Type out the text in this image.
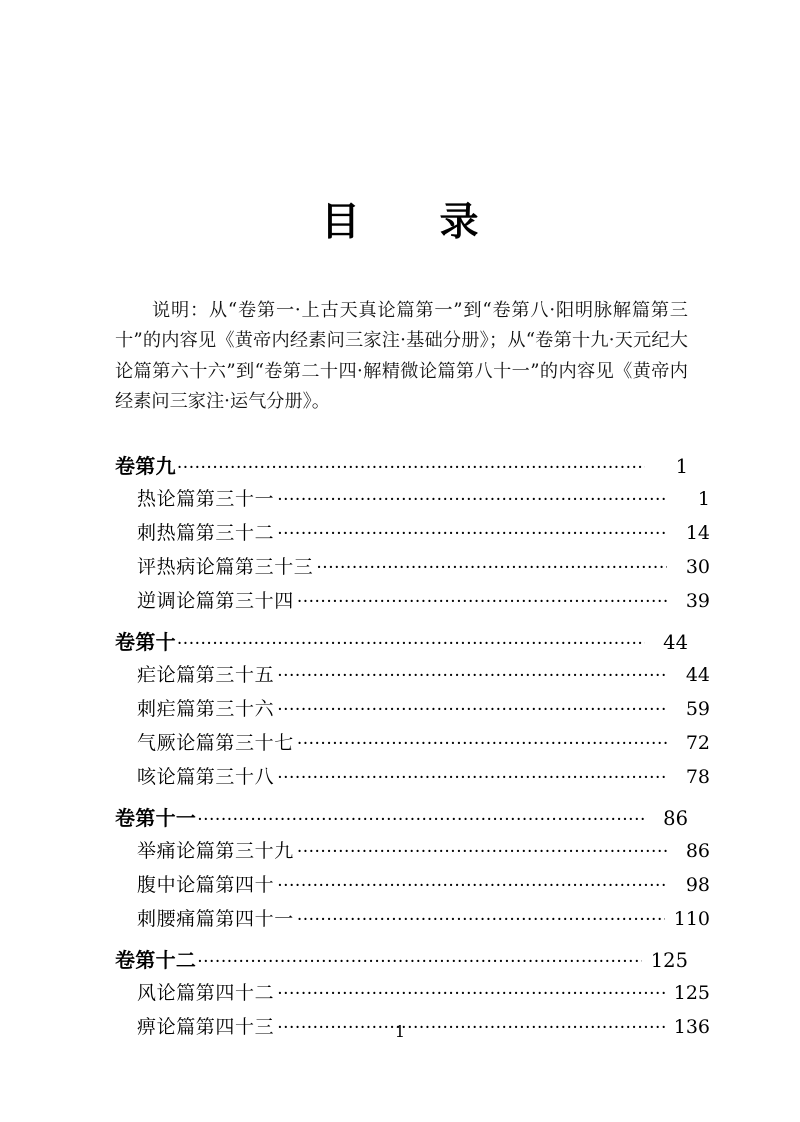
目　　录
说明：从“卷第一·上古天真论篇第一”到“卷第八·阳明脉解篇第三十”的内容见《黄帝内经素问三家注·基础分册》；从“卷第十九·天元纪大论篇第六十六”到“卷第二十四·解精微论篇第八十一”的内容见《黄帝内经素问三家注·运气分册》。
卷第九 ·····	1
热论篇第三十一 ·····	1
刺热篇第三十二 ·····	14
评热病论篇第三十三 ·····	30
逆调论篇第三十四 ·····	39
卷第十 ·····	44
疟论篇第三十五 ·····	44
刺疟篇第三十六 ·····	59
气厥论篇第三十七 ·····	72
咳论篇第三十八 ·····	78
卷第十一 ·····	86
举痛论篇第三十九 ·····	86
腹中论篇第四十 ·····	98
刺腰痛篇第四十一 ·····	110
卷第十二 ·····	125
风论篇第四十二 ·····	125
痹论篇第四十三 ·····	136
1
